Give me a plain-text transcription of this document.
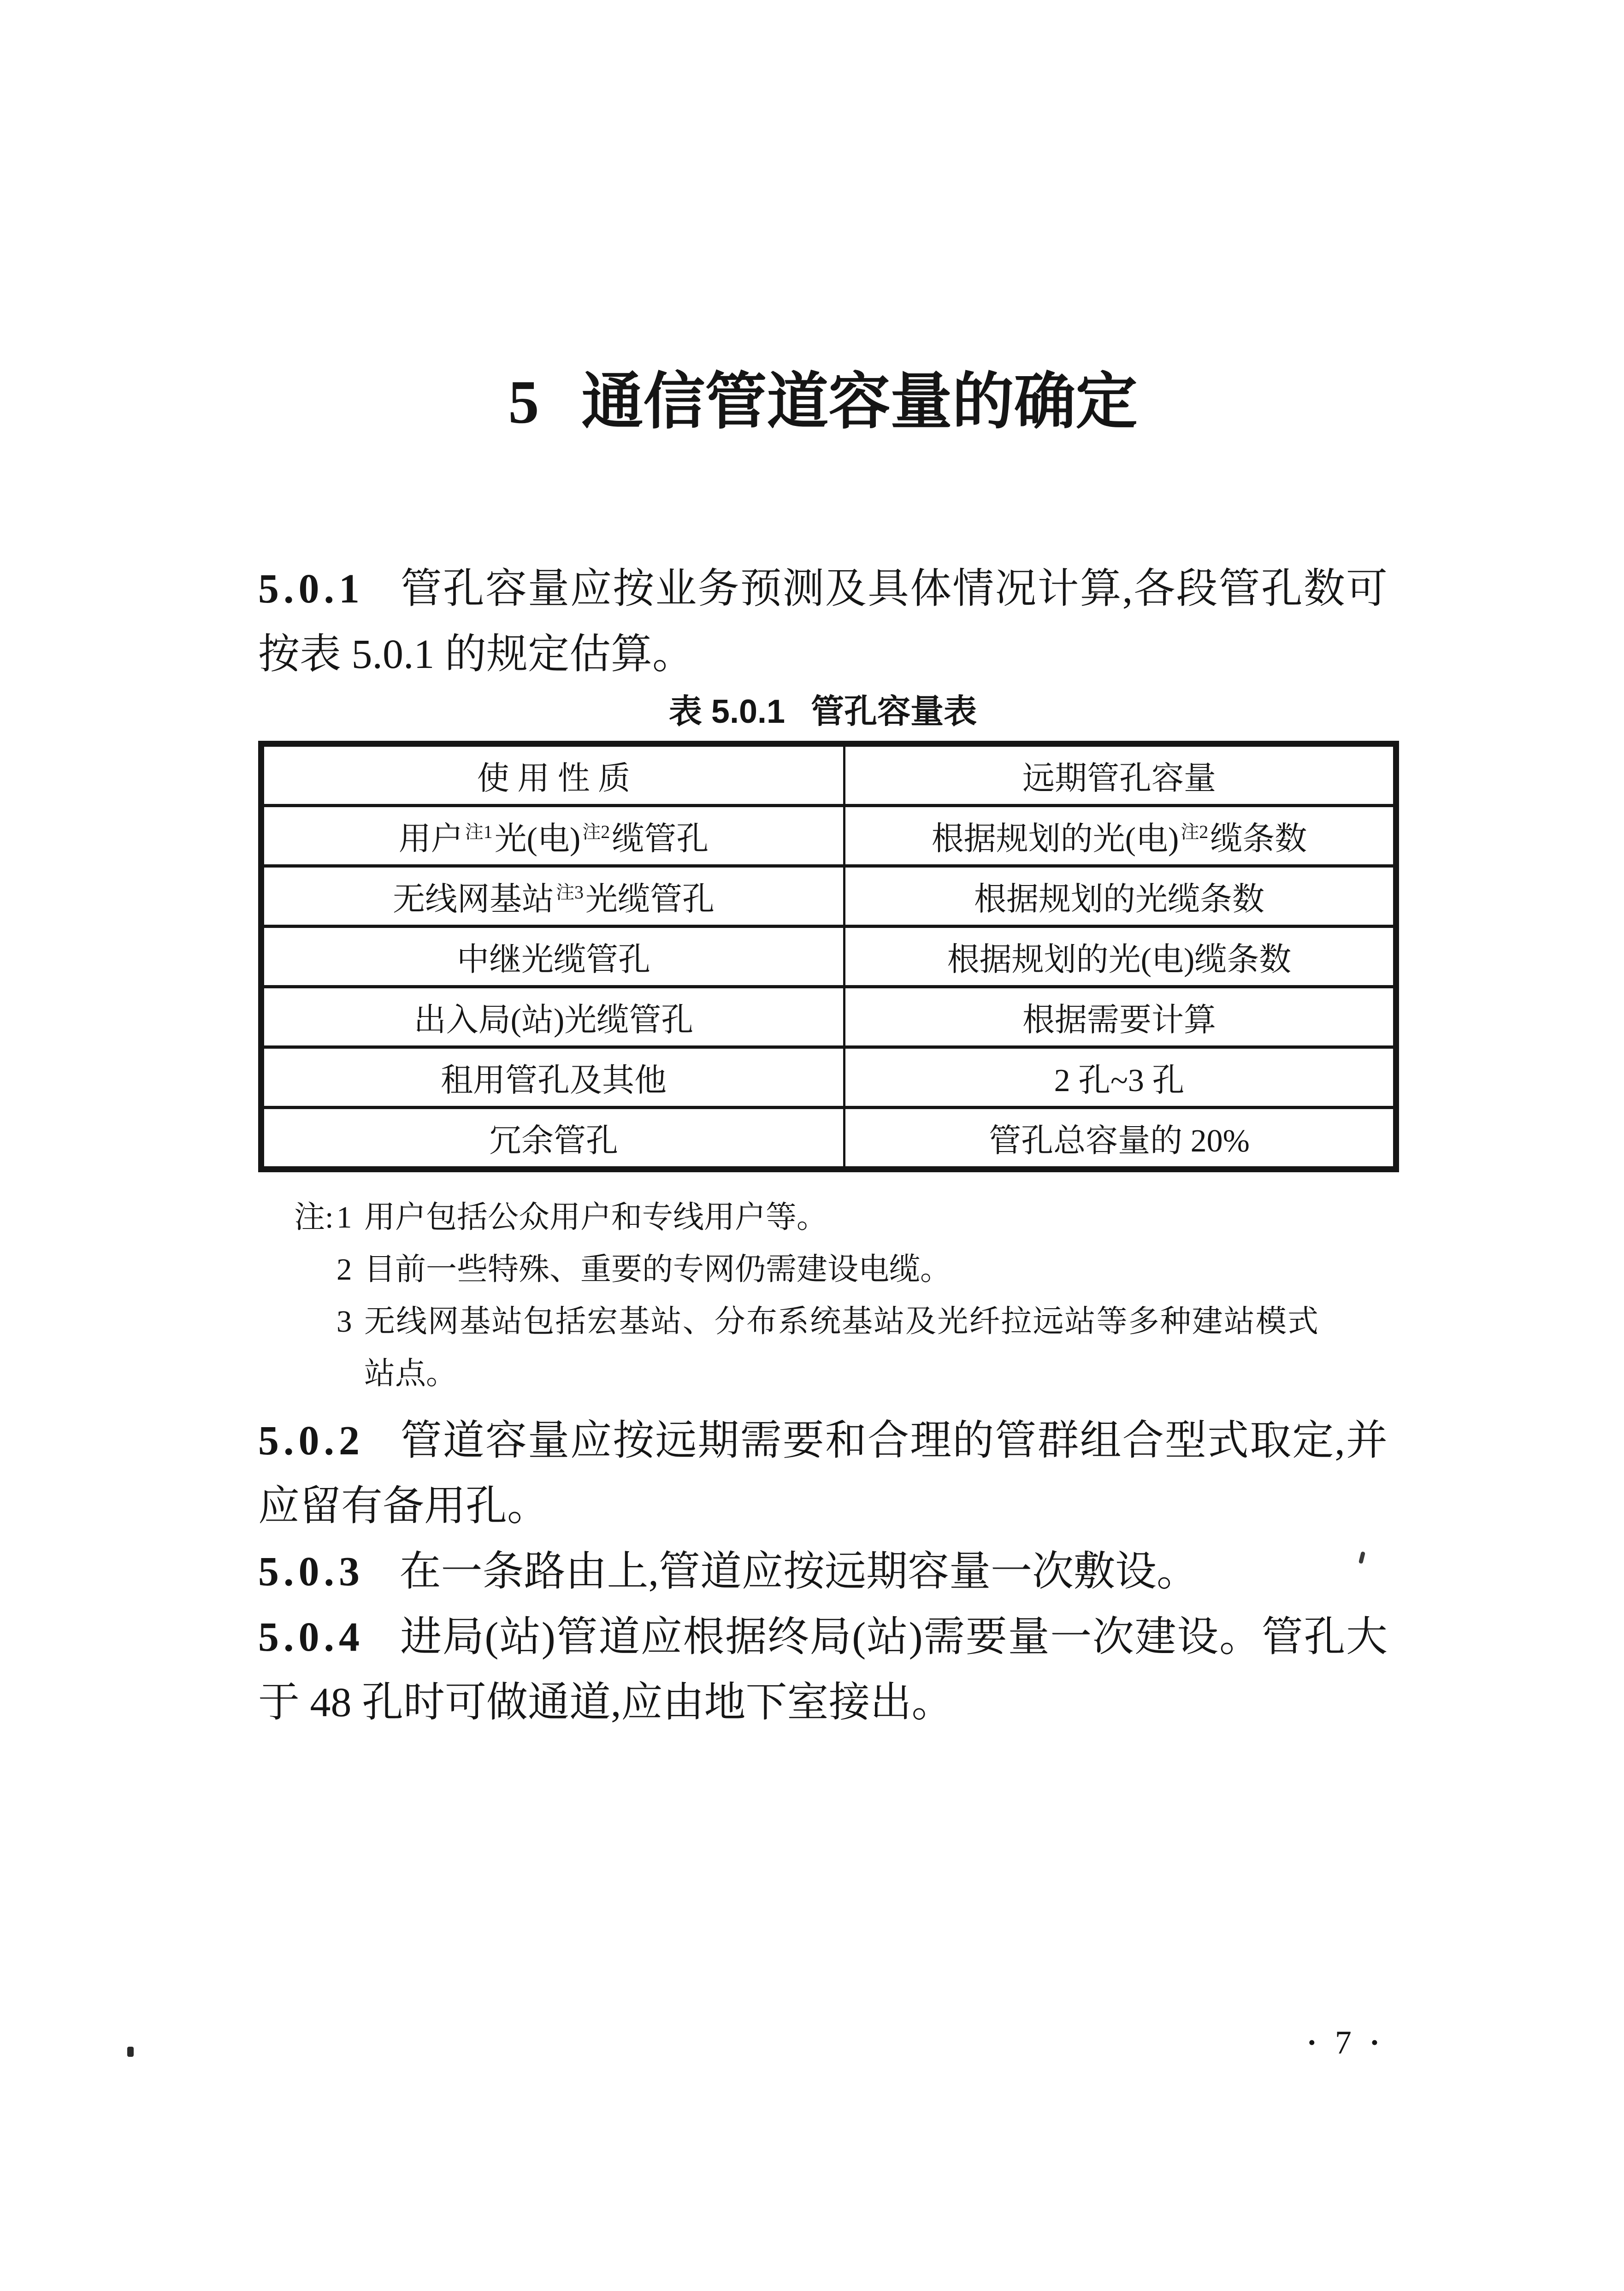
5 通信管道容量的确定

5.0.1 管孔容量应按业务预测及具体情况计算,各段管孔数可按表 5.0.1 的规定估算。

表 5.0.1 管孔容量表
使 用 性 质	远期管孔容量
用户 $^{注1}$光(电) $^{注2}$缆管孔	根据规划的光(电) $^{注2}$缆条数
无线网基站 $^{注3}$光缆管孔	根据规划的光缆条数
中继光缆管孔	根据规划的光(电)缆条数
出入局(站)光缆管孔	根据需要计算
租用管孔及其他	2 孔~3 孔
冗余管孔	管孔总容量的 20%
注: 1 用户包括公众用户和专线用户等。
2 目前一些特殊、重要的专网仍需建设电缆。
3 无线网基站包括宏基站、分布系统基站及光纤拉远站等多种建站模式站点。

5.0.2 管道容量应按远期需要和合理的管群组合型式取定,并应留有备用孔。

5.0.3 在一条路由上,管道应按远期容量一次敷设。

5.0.4 进局(站)管道应根据终局(站)需要量一次建设。管孔大于 48 孔时可做通道,应由地下室接出。

• 7 •
